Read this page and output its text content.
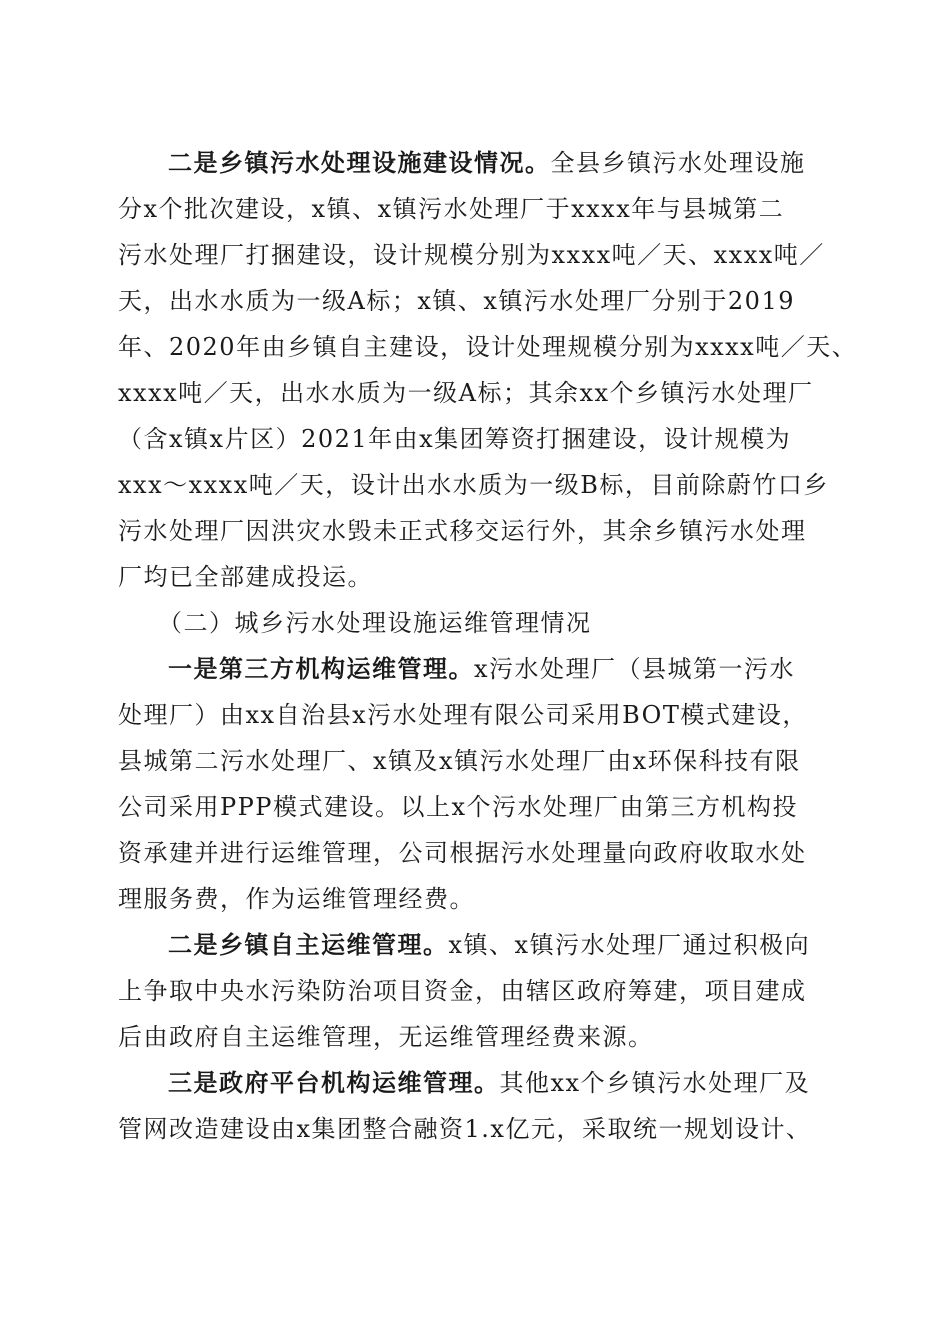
二是乡镇污水处理设施建设情况。全县乡镇污水处理设施
分x个批次建设，x镇、x镇污水处理厂于xxxx年与县城第二
污水处理厂打捆建设，设计规模分别为xxxx吨／天、xxxx吨／
天，出水水质为一级A标；x镇、x镇污水处理厂分别于2019
年、2020年由乡镇自主建设，设计处理规模分别为xxxx吨／天、
xxxx吨／天，出水水质为一级A标；其余xx个乡镇污水处理厂
（含x镇x片区）2021年由x集团筹资打捆建设，设计规模为
xxx～xxxx吨／天，设计出水水质为一级B标，目前除蔚竹口乡
污水处理厂因洪灾水毁未正式移交运行外，其余乡镇污水处理
厂均已全部建成投运。
（二）城乡污水处理设施运维管理情况
一是第三方机构运维管理。x污水处理厂（县城第一污水
处理厂）由xx自治县x污水处理有限公司采用BOT模式建设，
县城第二污水处理厂、x镇及x镇污水处理厂由x环保科技有限
公司采用PPP模式建设。以上x个污水处理厂由第三方机构投
资承建并进行运维管理，公司根据污水处理量向政府收取水处
理服务费，作为运维管理经费。
二是乡镇自主运维管理。x镇、x镇污水处理厂通过积极向
上争取中央水污染防治项目资金，由辖区政府筹建，项目建成
后由政府自主运维管理，无运维管理经费来源。
三是政府平台机构运维管理。其他xx个乡镇污水处理厂及
管网改造建设由x集团整合融资1.x亿元，采取统一规划设计、
